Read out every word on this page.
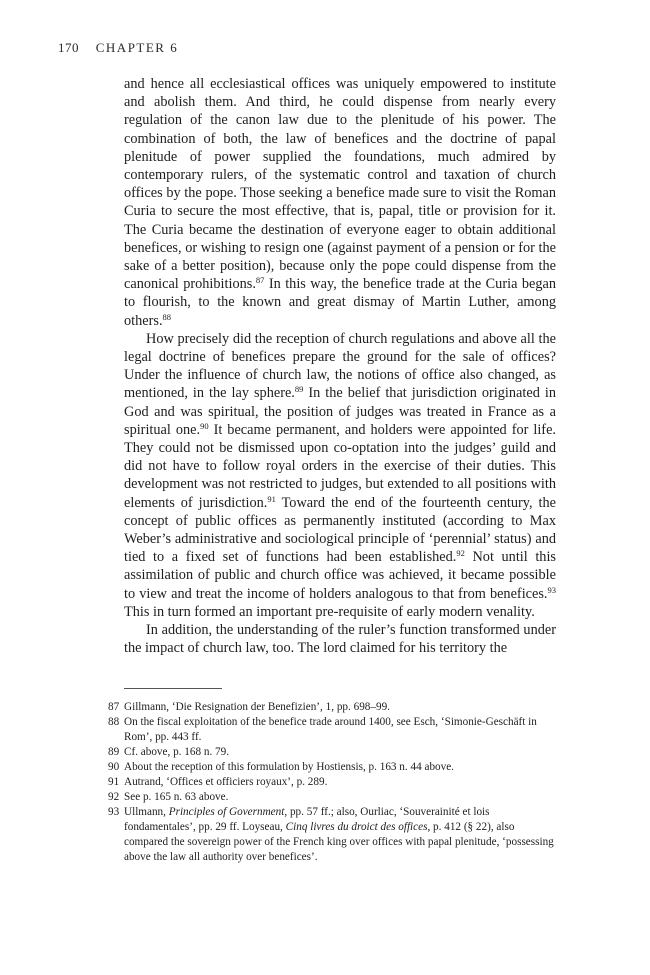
170 CHAPTER 6

and hence all ecclesiastical offices was uniquely empowered to institute and abolish them. And third, he could dispense from nearly every regulation of the canon law due to the plenitude of his power. The combination of both, the law of benefices and the doctrine of papal plenitude of power supplied the foundations, much admired by contemporary rulers, of the systematic control and taxation of church offices by the pope. Those seeking a benefice made sure to visit the Roman Curia to secure the most effective, that is, papal, title or provision for it. The Curia became the destination of everyone eager to obtain additional benefices, or wishing to resign one (against payment of a pension or for the sake of a better position), because only the pope could dispense from the canonical prohibitions.$^{87}$ In this way, the benefice trade at the Curia began to flourish, to the known and great dismay of Martin Luther, among others.$^{88}$

How precisely did the reception of church regulations and above all the legal doctrine of benefices prepare the ground for the sale of offices? Under the influence of church law, the notions of office also changed, as mentioned, in the lay sphere.$^{89}$ In the belief that jurisdiction originated in God and was spiritual, the position of judges was treated in France as a spiritual one.$^{90}$ It became permanent, and holders were appointed for life. They could not be dismissed upon co-optation into the judges’ guild and did not have to follow royal orders in the exercise of their duties. This development was not restricted to judges, but extended to all positions with elements of jurisdiction.$^{91}$ Toward the end of the fourteenth century, the concept of public offices as permanently instituted (according to Max Weber’s administrative and sociological principle of ‘perennial’ status) and tied to a fixed set of functions had been established.$^{92}$ Not until this assimilation of public and church office was achieved, it became possible to view and treat the income of holders analogous to that from benefices.$^{93}$ This in turn formed an important pre-requisite of early modern venality.

In addition, the understanding of the ruler’s function transformed under the impact of church law, too. The lord claimed for his territory the

87 Gillmann, ‘Die Resignation der Benefizien’, 1, pp. 698–99.
88 On the fiscal exploitation of the benefice trade around 1400, see Esch, ‘Simonie-Geschäft in Rom’, pp. 443 ff.
89 Cf. above, p. 168 n. 79.
90 About the reception of this formulation by Hostiensis, p. 163 n. 44 above.
91 Autrand, ‘Offices et officiers royaux’, p. 289.
92 See p. 165 n. 63 above.
93 Ullmann, Principles of Government, pp. 57 ff.; also, Ourliac, ‘Souverainité et lois fondamentales’, pp. 29 ff. Loyseau, Cinq livres du droict des offices, p. 412 (§ 22), also compared the sovereign power of the French king over offices with papal plenitude, ‘possessing above the law all authority over benefices’.
